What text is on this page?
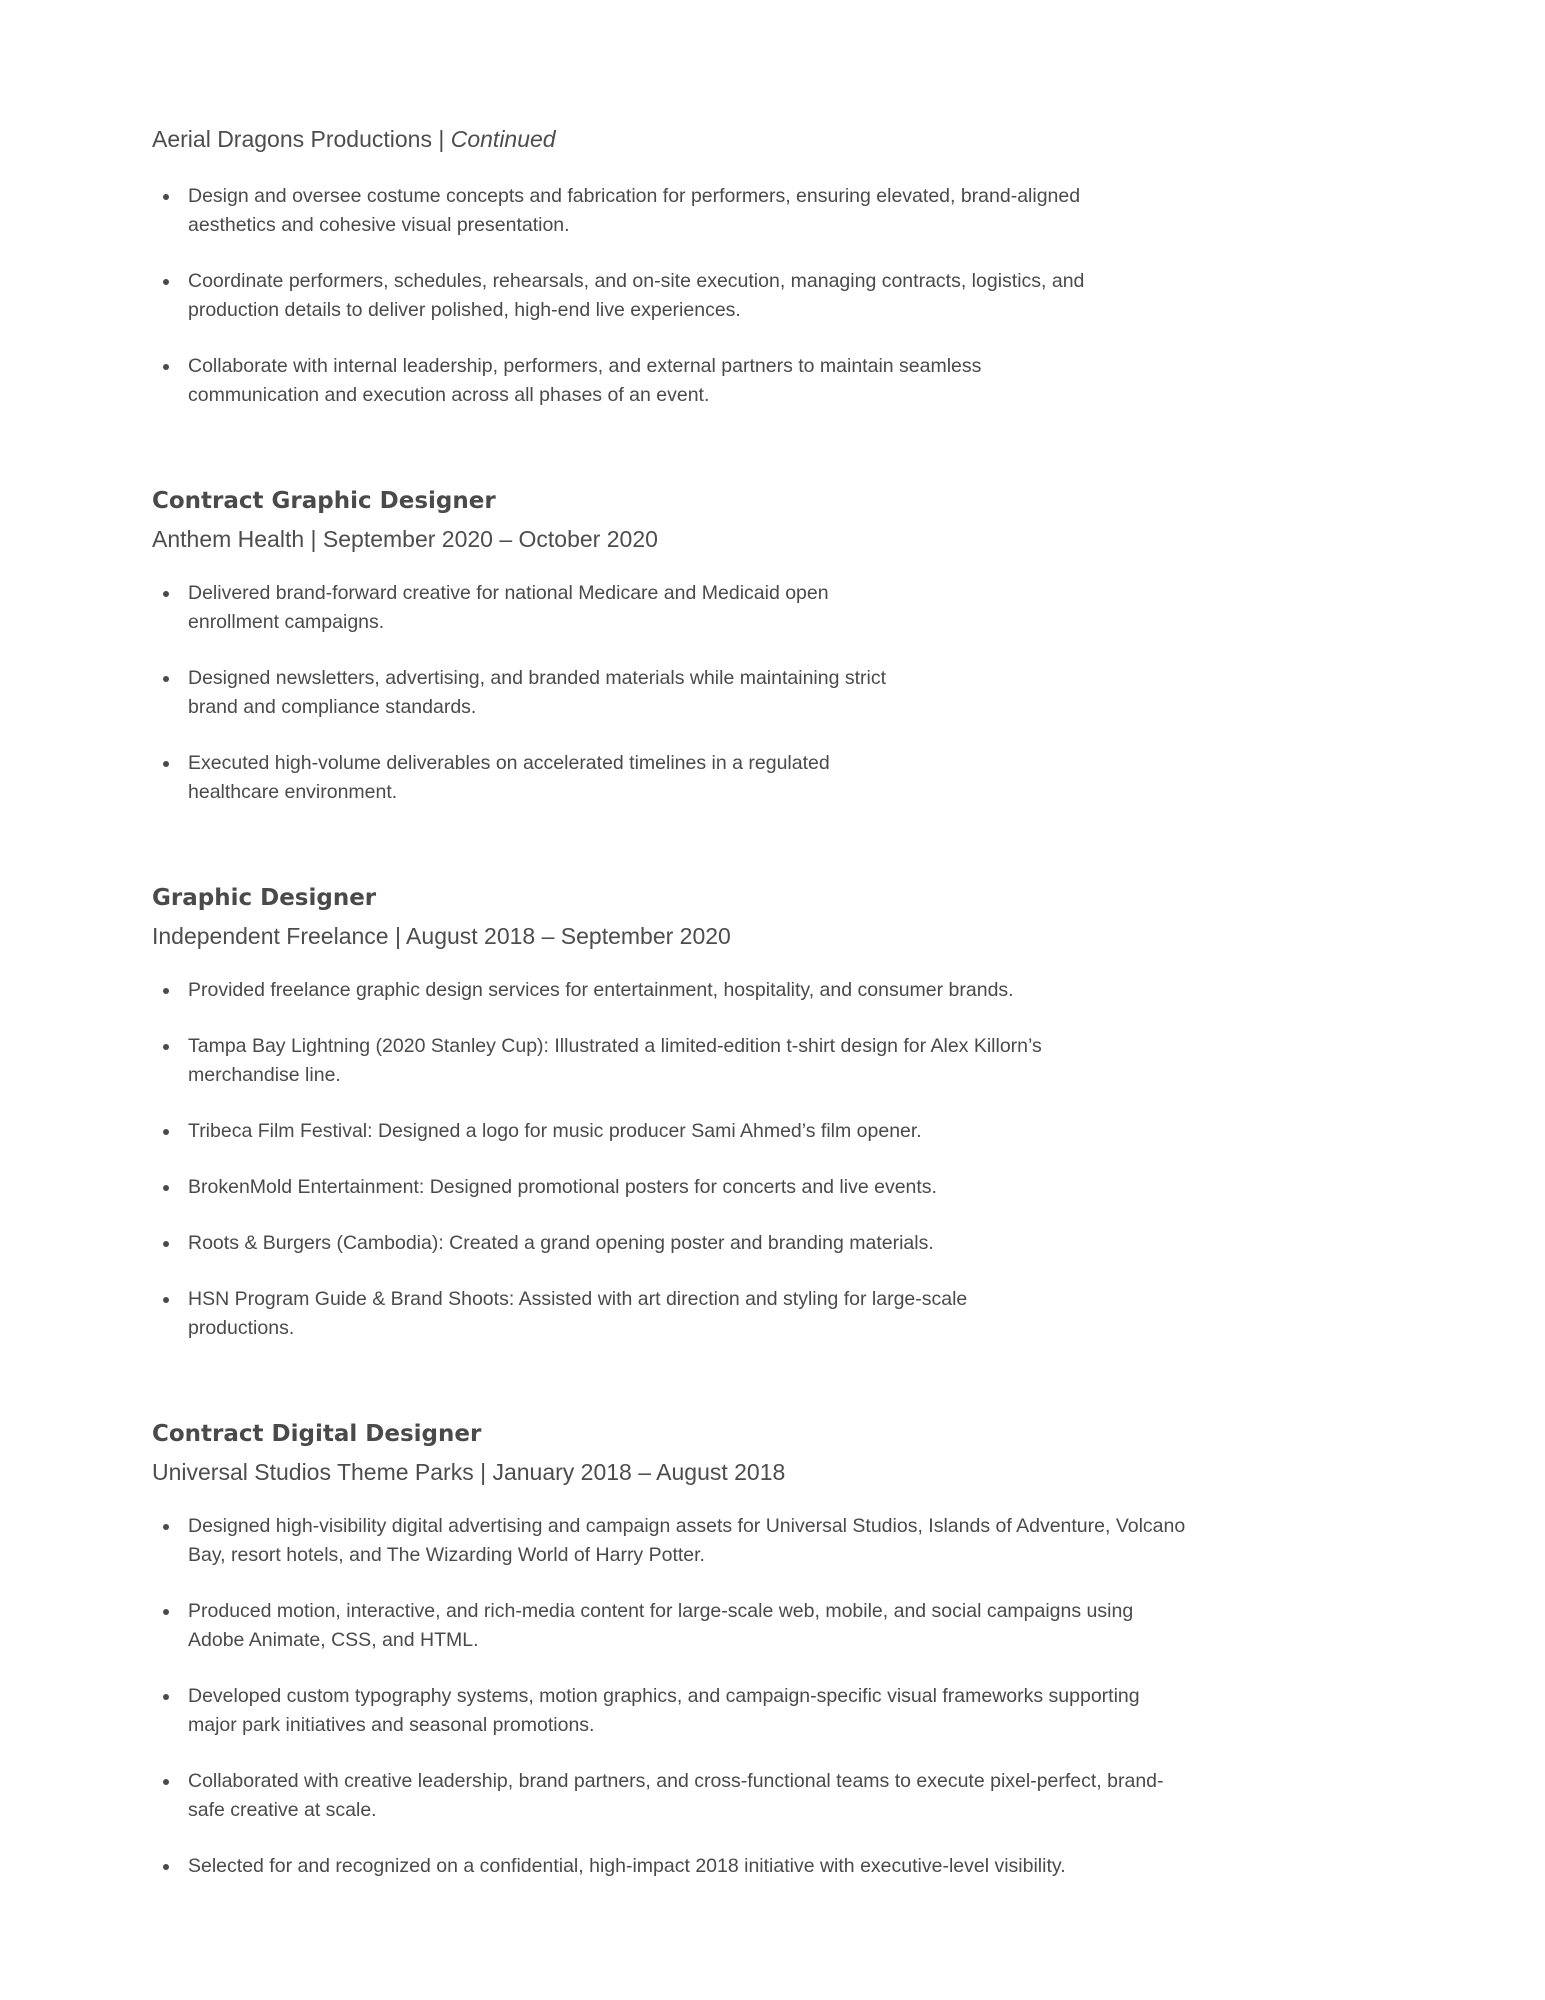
Aerial Dragons Productions | Continued
Design and oversee costume concepts and fabrication for performers, ensuring elevated, brand-aligned aesthetics and cohesive visual presentation.
Coordinate performers, schedules, rehearsals, and on-site execution, managing contracts, logistics, and production details to deliver polished, high-end live experiences.
Collaborate with internal leadership, performers, and external partners to maintain seamless communication and execution across all phases of an event.
Contract Graphic Designer
Anthem Health | September 2020 – October 2020
Delivered brand-forward creative for national Medicare and Medicaid open enrollment campaigns.
Designed newsletters, advertising, and branded materials while maintaining strict brand and compliance standards.
Executed high-volume deliverables on accelerated timelines in a regulated healthcare environment.
Graphic Designer
Independent Freelance | August 2018 – September 2020
Provided freelance graphic design services for entertainment, hospitality, and consumer brands.
Tampa Bay Lightning (2020 Stanley Cup): Illustrated a limited-edition t-shirt design for Alex Killorn’s merchandise line.
Tribeca Film Festival: Designed a logo for music producer Sami Ahmed’s film opener.
BrokenMold Entertainment: Designed promotional posters for concerts and live events.
Roots & Burgers (Cambodia): Created a grand opening poster and branding materials.
HSN Program Guide & Brand Shoots: Assisted with art direction and styling for large-scale productions.
Contract Digital Designer
Universal Studios Theme Parks | January 2018 – August 2018
Designed high-visibility digital advertising and campaign assets for Universal Studios, Islands of Adventure, Volcano Bay, resort hotels, and The Wizarding World of Harry Potter.
Produced motion, interactive, and rich-media content for large-scale web, mobile, and social campaigns using Adobe Animate, CSS, and HTML.
Developed custom typography systems, motion graphics, and campaign-specific visual frameworks supporting major park initiatives and seasonal promotions.
Collaborated with creative leadership, brand partners, and cross-functional teams to execute pixel-perfect, brand-safe creative at scale.
Selected for and recognized on a confidential, high-impact 2018 initiative with executive-level visibility.
